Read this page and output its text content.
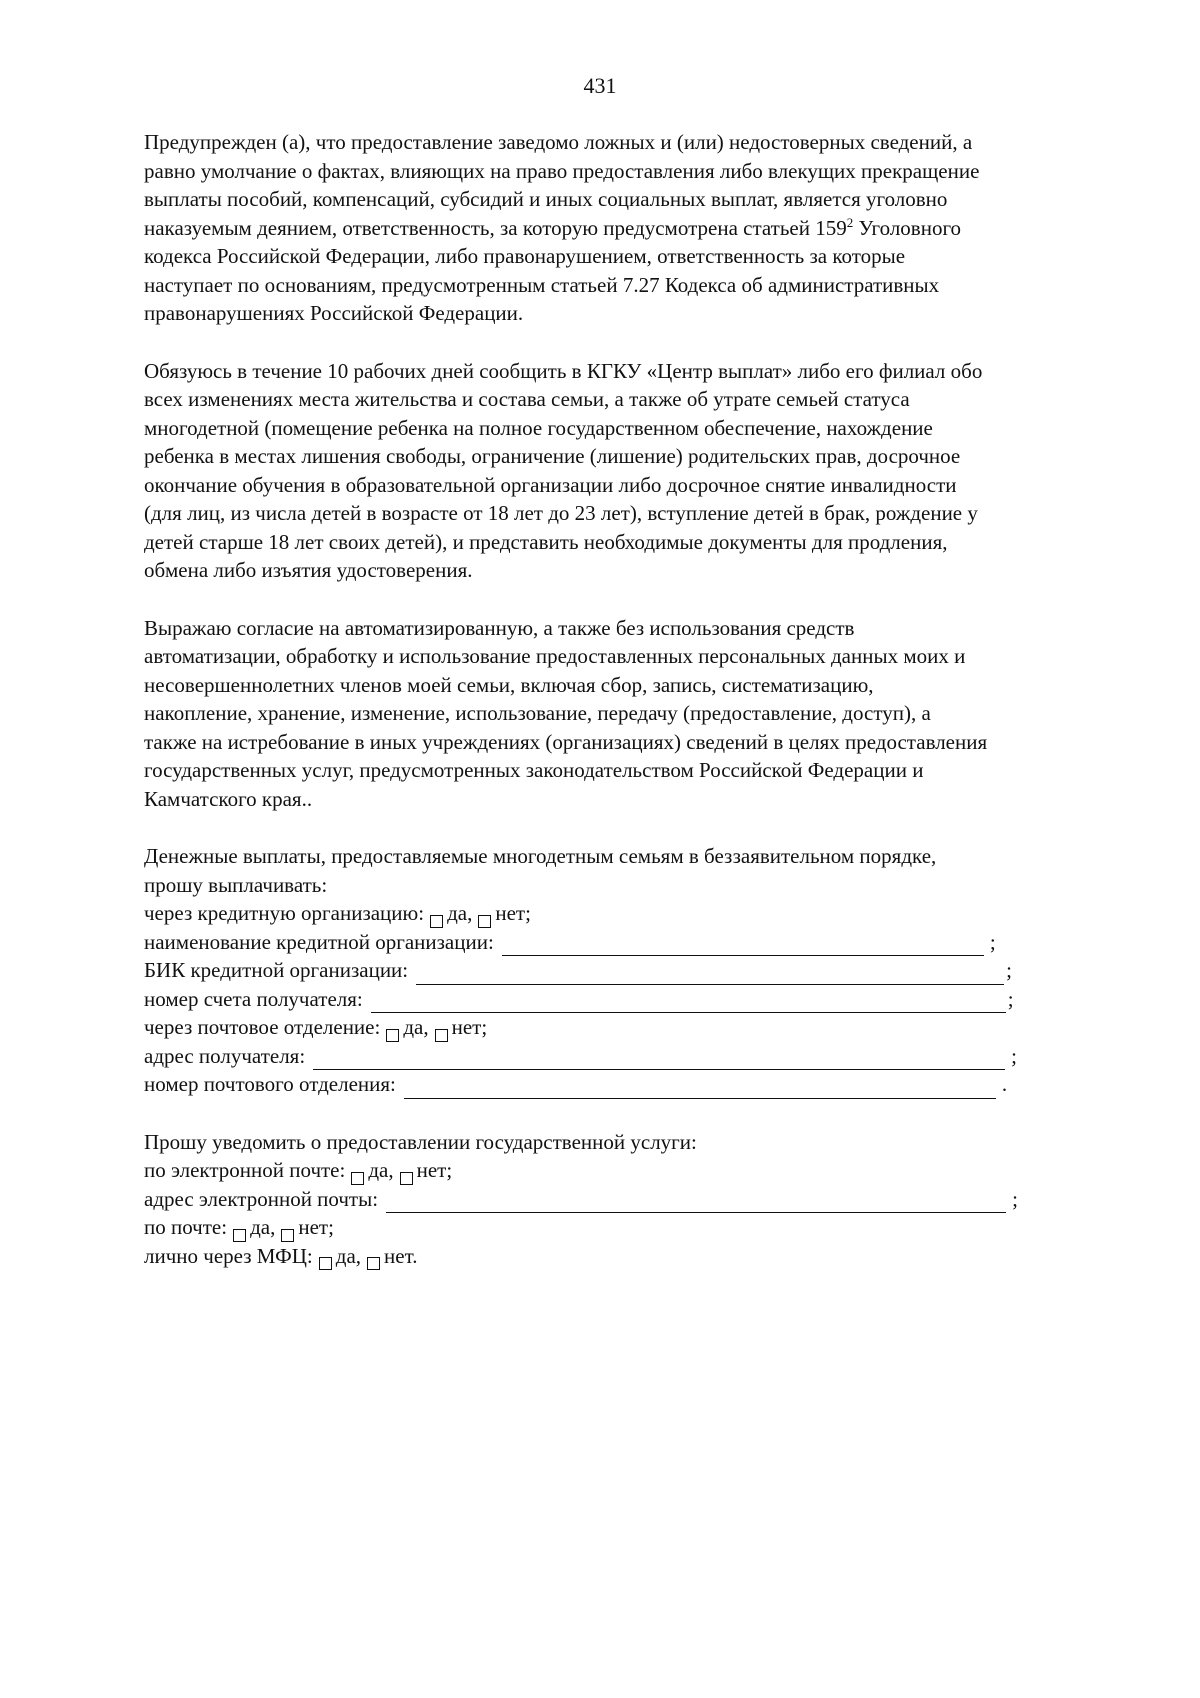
431

Предупрежден (а), что предоставление заведомо ложных и (или) недостоверных сведений, а
равно умолчание о фактах, влияющих на право предоставления либо влекущих прекращение
выплаты пособий, компенсаций, субсидий и иных социальных выплат, является уголовно
наказуемым деянием, ответственность, за которую предусмотрена статьей $159^2$ Уголовного
кодекса Российской Федерации, либо правонарушением, ответственность за которые
наступает по основаниям, предусмотренным статьей 7.27 Кодекса об административных
правонарушениях Российской Федерации.

Обязуюсь в течение 10 рабочих дней сообщить в КГКУ «Центр выплат» либо его филиал обо
всех изменениях места жительства и состава семьи, а также об утрате семьей статуса
многодетной (помещение ребенка на полное государственном обеспечение, нахождение
ребенка в местах лишения свободы, ограничение (лишение) родительских прав, досрочное
окончание обучения в образовательной организации либо досрочное снятие инвалидности
(для лиц, из числа детей в возрасте от 18 лет до 23 лет), вступление детей в брак, рождение у
детей старше 18 лет своих детей), и представить необходимые документы для продления,
обмена либо изъятия удостоверения.

Выражаю согласие на автоматизированную, а также без использования средств
автоматизации, обработку и использование предоставленных персональных данных моих и
несовершеннолетних членов моей семьи, включая сбор, запись, систематизацию,
накопление, хранение, изменение, использование, передачу (предоставление, доступ), а
также на истребование в иных учреждениях (организациях) сведений в целях предоставления
государственных услуг, предусмотренных законодательством Российской Федерации и
Камчатского края..

Денежные выплаты, предоставляемые многодетным семьям в беззаявительном порядке,
прошу выплачивать:

через кредитную организацию: да, нет;
наименование кредитной организации:	;
БИК кредитной организации:	;
номер счета получателя:	;
через почтовое отделение: да, нет;
адрес получателя:	;
номер почтового отделения:	.

Прошу уведомить о предоставлении государственной услуги:

по электронной почте: да, нет;
адрес электронной почты:	;
по почте: да, нет;
лично через МФЦ: да, нет.
